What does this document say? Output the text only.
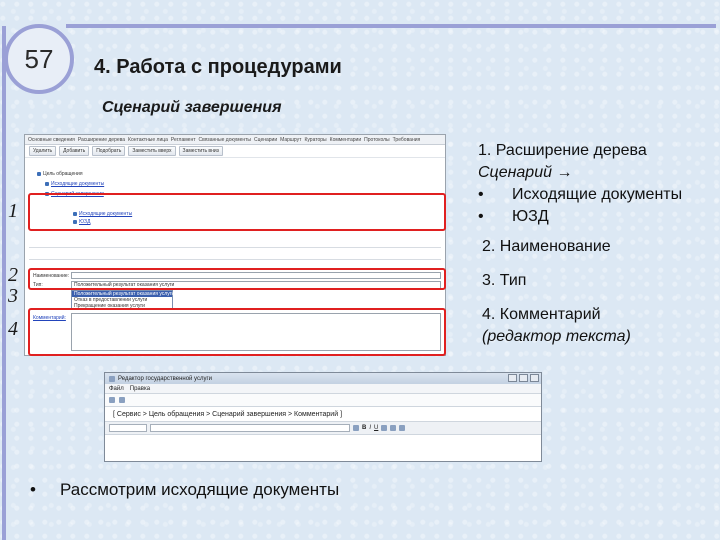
57 4. Работа с процедурами
Сценарий завершения
Основные сведения Расширение дерева Контактные лица Регламент Связанные документы Сценарии Маршрут Кураторы Комментарии Протоколы Требования
Удалить	Добавить	Подобрать	Заместить вверх	Заместить вниз
Цель обращения
Исходящие документы
Сценарий завершения
Исходящие документы
ЮЗД
Наименование:
Тип:	Положительный результат оказания услуги
Положительный результат оказания услуги
Отказ в предоставлении услуги
Прекращение оказания услуги
Комментарий:
1
2
3
4
1. Расширение дерева
Сценарий →
•	Исходящие документы
•	ЮЗД
2. Наименование
3. Тип
4. Комментарий
(редактор текста)
Редактор государственной услуги
Файл Правка
[ Сервис > Цель обращения > Сценарий завершения > Комментарий ]
B I U
•	Рассмотрим исходящие документы
